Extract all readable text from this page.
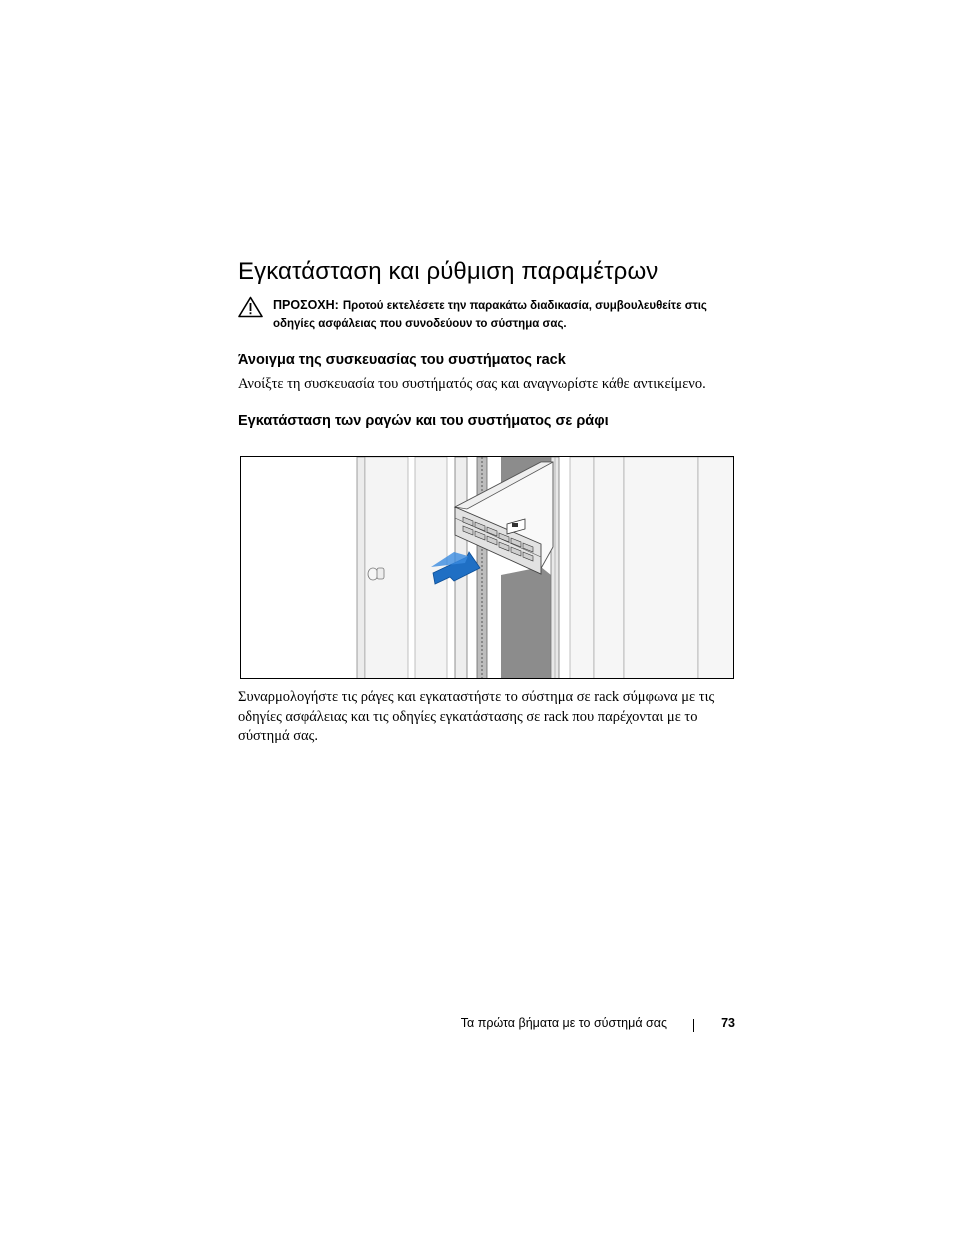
Εγκατάσταση και ρύθμιση παραμέτρων
ΠΡΟΣΟΧΗ: Προτού εκτελέσετε την παρακάτω διαδικασία, συμβουλευθείτε στις οδηγίες ασφάλειας που συνοδεύουν το σύστημα σας.
Άνοιγμα της συσκευασίας του συστήματος rack

Ανοίξτε τη συσκευασία του συστήματός σας και αναγνωρίστε κάθε αντικείμενο.

Εγκατάσταση των ραγών και του συστήματος σε ράφι

Συναρμολογήστε τις ράγες και εγκαταστήστε το σύστημα σε rack σύμφωνα με τις οδηγίες ασφάλειας και τις οδηγίες εγκατάστασης σε rack που παρέχονται με το σύστημά σας.

Τα πρώτα βήματα με το σύστημά σας	73
